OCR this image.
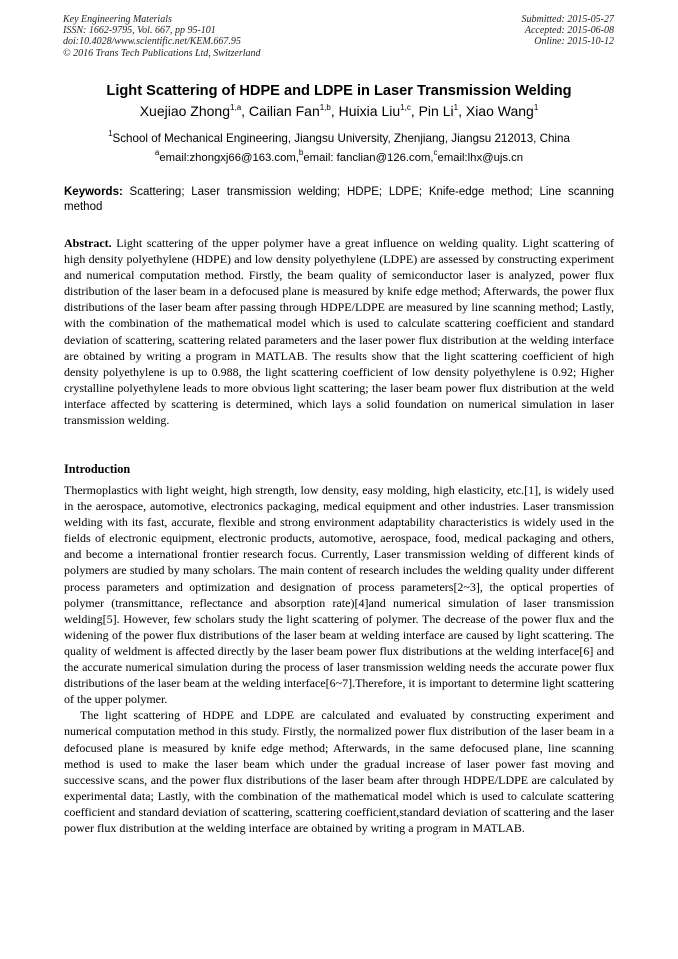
Key Engineering Materials
ISSN: 1662-9795, Vol. 667, pp 95-101
doi:10.4028/www.scientific.net/KEM.667.95
© 2016 Trans Tech Publications Ltd, Switzerland
Submitted: 2015-05-27
Accepted: 2015-06-08
Online: 2015-10-12
Light Scattering of HDPE and LDPE in Laser Transmission Welding
Xuejiao Zhong$^{1,a}$, Cailian Fan$^{1,b}$, Huixia Liu$^{1,c}$, Pin Li$^1$, Xiao Wang$^1$
$^1$School of Mechanical Engineering, Jiangsu University, Zhenjiang, Jiangsu 212013, China
$^a$email:zhongxj66@163.com,$^b$email: fanclian@126.com,$^c$email:lhx@ujs.cn
Keywords: Scattering; Laser transmission welding; HDPE; LDPE; Knife-edge method; Line scanning method
Abstract. Light scattering of the upper polymer have a great influence on welding quality. Light scattering of high density polyethylene (HDPE) and low density polyethylene (LDPE) are assessed by constructing experiment and numerical computation method. Firstly, the beam quality of semiconductor laser is analyzed, power flux distribution of the laser beam in a defocused plane is measured by knife edge method; Afterwards, the power flux distributions of the laser beam after passing through HDPE/LDPE are measured by line scanning method; Lastly, with the combination of the mathematical model which is used to calculate scattering coefficient and standard deviation of scattering, scattering related parameters and the laser power flux distribution at the welding interface are obtained by writing a program in MATLAB. The results show that the light scattering coefficient of high density polyethylene is up to 0.988, the light scattering coefficient of low density polyethylene is 0.92; Higher crystalline polyethylene leads to more obvious light scattering; the laser beam power flux distribution at the weld interface affected by scattering is determined, which lays a solid foundation on numerical simulation in laser transmission welding.
Introduction

Thermoplastics with light weight, high strength, low density, easy molding, high elasticity, etc.[1], is widely used in the aerospace, automotive, electronics packaging, medical equipment and other industries. Laser transmission welding with its fast, accurate, flexible and strong environment adaptability characteristics is widely used in the fields of electronic equipment, electronic products, automotive, aerospace, food, medical packaging and others, and become a international frontier research focus. Currently, Laser transmission welding of different kinds of polymers are studied by many scholars. The main content of research includes the welding quality under different process parameters and optimization and designation of process parameters[2~3], the optical properties of polymer (transmittance, reflectance and absorption rate)[4]and numerical simulation of laser transmission welding[5]. However, few scholars study the light scattering of polymer. The decrease of the power flux and the widening of the power flux distributions of the laser beam at welding interface are caused by light scattering. The quality of weldment is affected directly by the laser beam power flux distributions at the welding interface[6] and the accurate numerical simulation during the process of laser transmission welding needs the accurate power flux distributions of the laser beam at the welding interface[6~7].Therefore, it is important to determine light scattering of the upper polymer.

The light scattering of HDPE and LDPE are calculated and evaluated by constructing experiment and numerical computation method in this study. Firstly, the normalized power flux distribution of the laser beam in a defocused plane is measured by knife edge method; Afterwards, in the same defocused plane, line scanning method is used to make the laser beam which under the gradual increase of laser power fast moving and successive scans, and the power flux distributions of the laser beam after through HDPE/LDPE are calculated by experimental data; Lastly, with the combination of the mathematical model which is used to calculate scattering coefficient and standard deviation of scattering, scattering coefficient,standard deviation of scattering and the laser power flux distribution at the welding interface are obtained by writing a program in MATLAB.
